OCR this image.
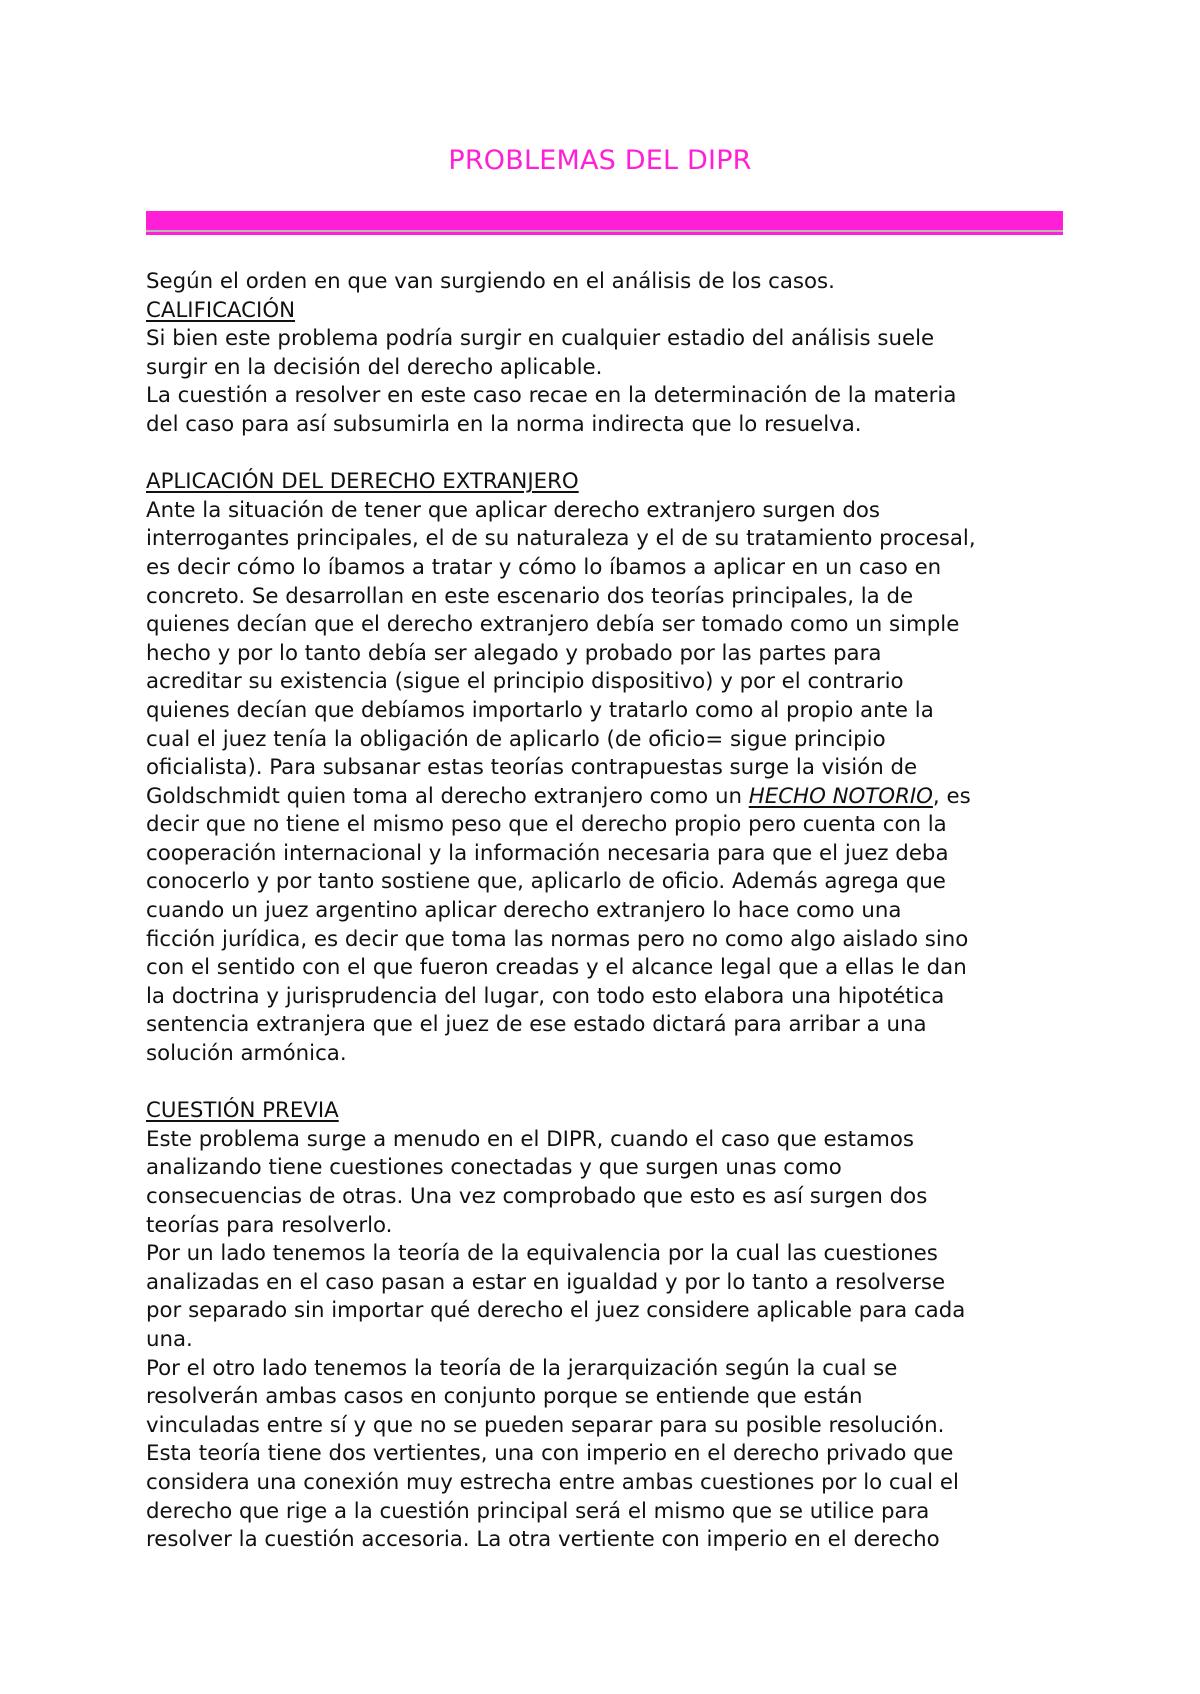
PROBLEMAS DEL DIPR
Según el orden en que van surgiendo en el análisis de los casos.
CALIFICACIÓN
Si bien este problema podría surgir en cualquier estadio del análisis suele
surgir en la decisión del derecho aplicable.
La cuestión a resolver en este caso recae en la determinación de la materia
del caso para así subsumirla en la norma indirecta que lo resuelva.
APLICACIÓN DEL DERECHO EXTRANJERO
Ante la situación de tener que aplicar derecho extranjero surgen dos
interrogantes principales, el de su naturaleza y el de su tratamiento procesal,
es decir cómo lo íbamos a tratar y cómo lo íbamos a aplicar en un caso en
concreto. Se desarrollan en este escenario dos teorías principales, la de
quienes decían que el derecho extranjero debía ser tomado como un simple
hecho y por lo tanto debía ser alegado y probado por las partes para
acreditar su existencia (sigue el principio dispositivo) y por el contrario
quienes decían que debíamos importarlo y tratarlo como al propio ante la
cual el juez tenía la obligación de aplicarlo (de oficio= sigue principio
oficialista). Para subsanar estas teorías contrapuestas surge la visión de
Goldschmidt quien toma al derecho extranjero como un HECHO NOTORIO, es
decir que no tiene el mismo peso que el derecho propio pero cuenta con la
cooperación internacional y la información necesaria para que el juez deba
conocerlo y por tanto sostiene que, aplicarlo de oficio. Además agrega que
cuando un juez argentino aplicar derecho extranjero lo hace como una
ficción jurídica, es decir que toma las normas pero no como algo aislado sino
con el sentido con el que fueron creadas y el alcance legal que a ellas le dan
la doctrina y jurisprudencia del lugar, con todo esto elabora una hipotética
sentencia extranjera que el juez de ese estado dictará para arribar a una
solución armónica.
CUESTIÓN PREVIA
Este problema surge a menudo en el DIPR, cuando el caso que estamos
analizando tiene cuestiones conectadas y que surgen unas como
consecuencias de otras. Una vez comprobado que esto es así surgen dos
teorías para resolverlo.
Por un lado tenemos la teoría de la equivalencia por la cual las cuestiones
analizadas en el caso pasan a estar en igualdad y por lo tanto a resolverse
por separado sin importar qué derecho el juez considere aplicable para cada
una.
Por el otro lado tenemos la teoría de la jerarquización según la cual se
resolverán ambas casos en conjunto porque se entiende que están
vinculadas entre sí y que no se pueden separar para su posible resolución.
Esta teoría tiene dos vertientes, una con imperio en el derecho privado que
considera una conexión muy estrecha entre ambas cuestiones por lo cual el
derecho que rige a la cuestión principal será el mismo que se utilice para
resolver la cuestión accesoria. La otra vertiente con imperio en el derecho
